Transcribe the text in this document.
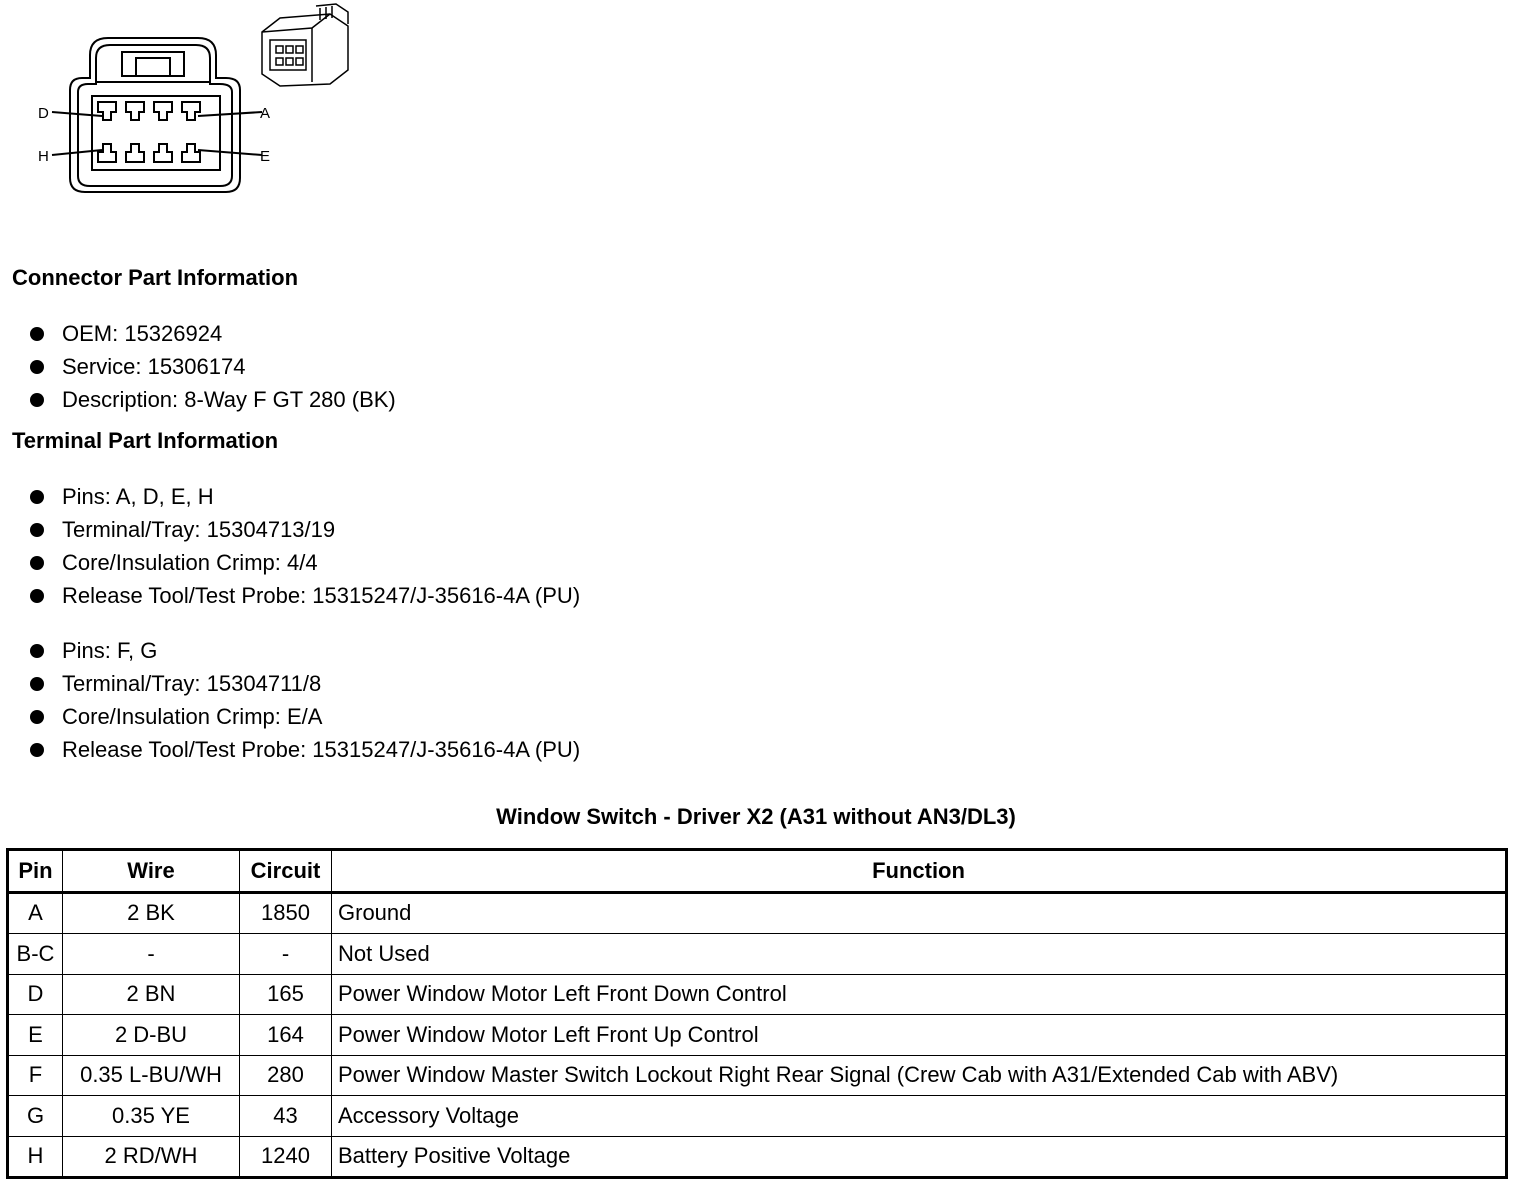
D	A
H	E
Connector Part Information
OEM: 15326924
Service: 15306174
Description: 8-Way F GT 280 (BK)
Terminal Part Information
Pins: A, D, E, H
Terminal/Tray: 15304713/19
Core/Insulation Crimp: 4/4
Release Tool/Test Probe: 15315247/J-35616-4A (PU)
Pins: F, G
Terminal/Tray: 15304711/8
Core/Insulation Crimp: E/A
Release Tool/Test Probe: 15315247/J-35616-4A (PU)
Window Switch - Driver X2 (A31 without AN3/DL3)
Pin	Wire	Circuit	Function
A	2 BK	1850	Ground
B-C	-	-	Not Used
D	2 BN	165	Power Window Motor Left Front Down Control
E	2 D-BU	164	Power Window Motor Left Front Up Control
F	0.35 L-BU/WH	280	Power Window Master Switch Lockout Right Rear Signal (Crew Cab with A31/Extended Cab with ABV)
G	0.35 YE	43	Accessory Voltage
H	2 RD/WH	1240	Battery Positive Voltage
